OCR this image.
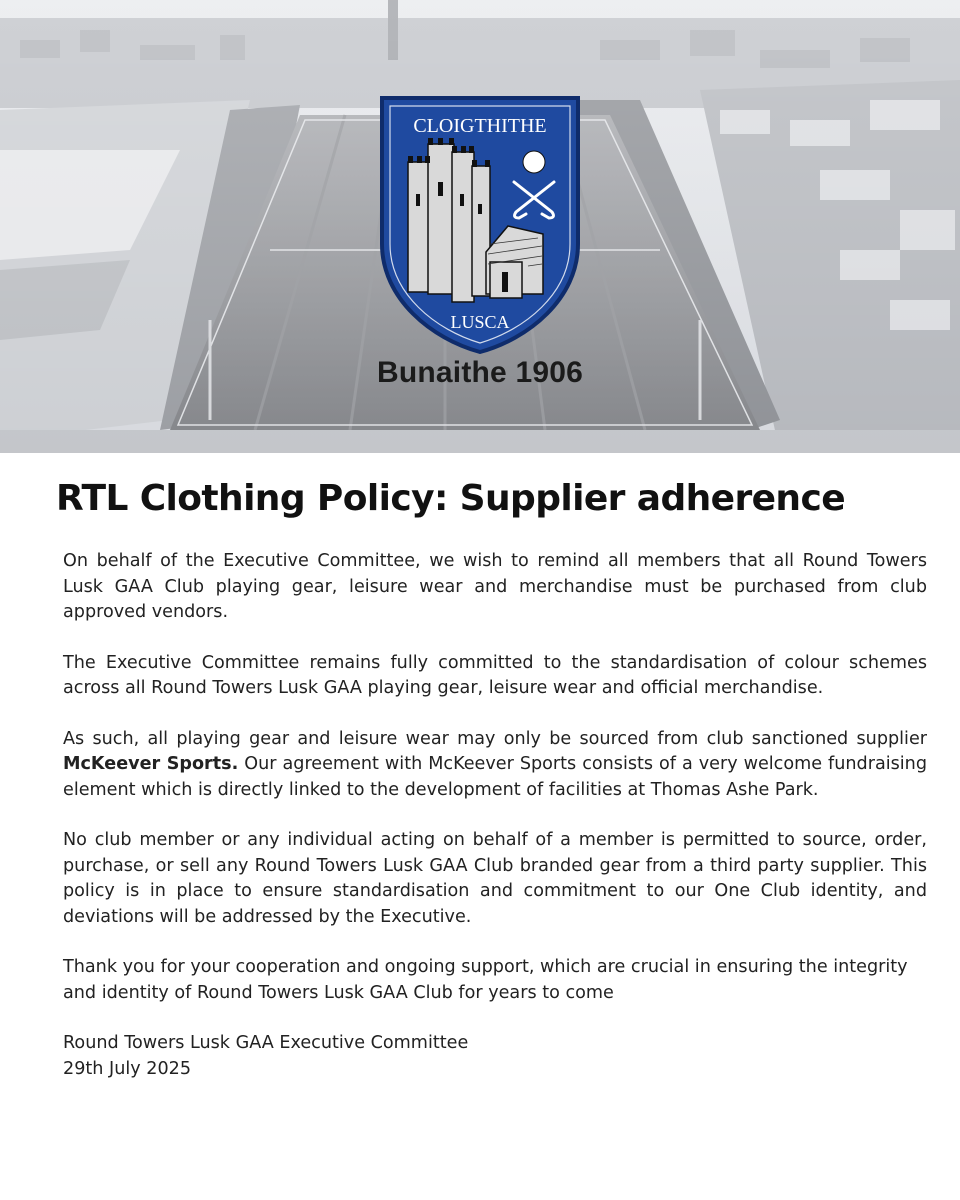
CLOIGTHITHE
LUSCA
Bunaithe 1906
RTL Clothing Policy: Supplier adherence

On behalf of the Executive Committee, we wish to remind all members that all Round Towers Lusk GAA Club playing gear, leisure wear and merchandise must be purchased from club approved vendors.

The Executive Committee remains fully committed to the standardisation of colour schemes across all Round Towers Lusk GAA playing gear, leisure wear and official merchandise.

As such, all playing gear and leisure wear may only be sourced from club sanctioned supplier McKeever Sports. Our agreement with McKeever Sports consists of a very welcome fundraising element which is directly linked to the development of facilities at Thomas Ashe Park.

No club member or any individual acting on behalf of a member is permitted to source, order, purchase, or sell any Round Towers Lusk GAA Club branded gear from a third party supplier. This policy is in place to ensure standardisation and commitment to our One Club identity, and deviations will be addressed by the Executive.

Thank you for your cooperation and ongoing support, which are crucial in ensuring the integrity and identity of Round Towers Lusk GAA Club for years to come

Round Towers Lusk GAA Executive Committee
29th July 2025
